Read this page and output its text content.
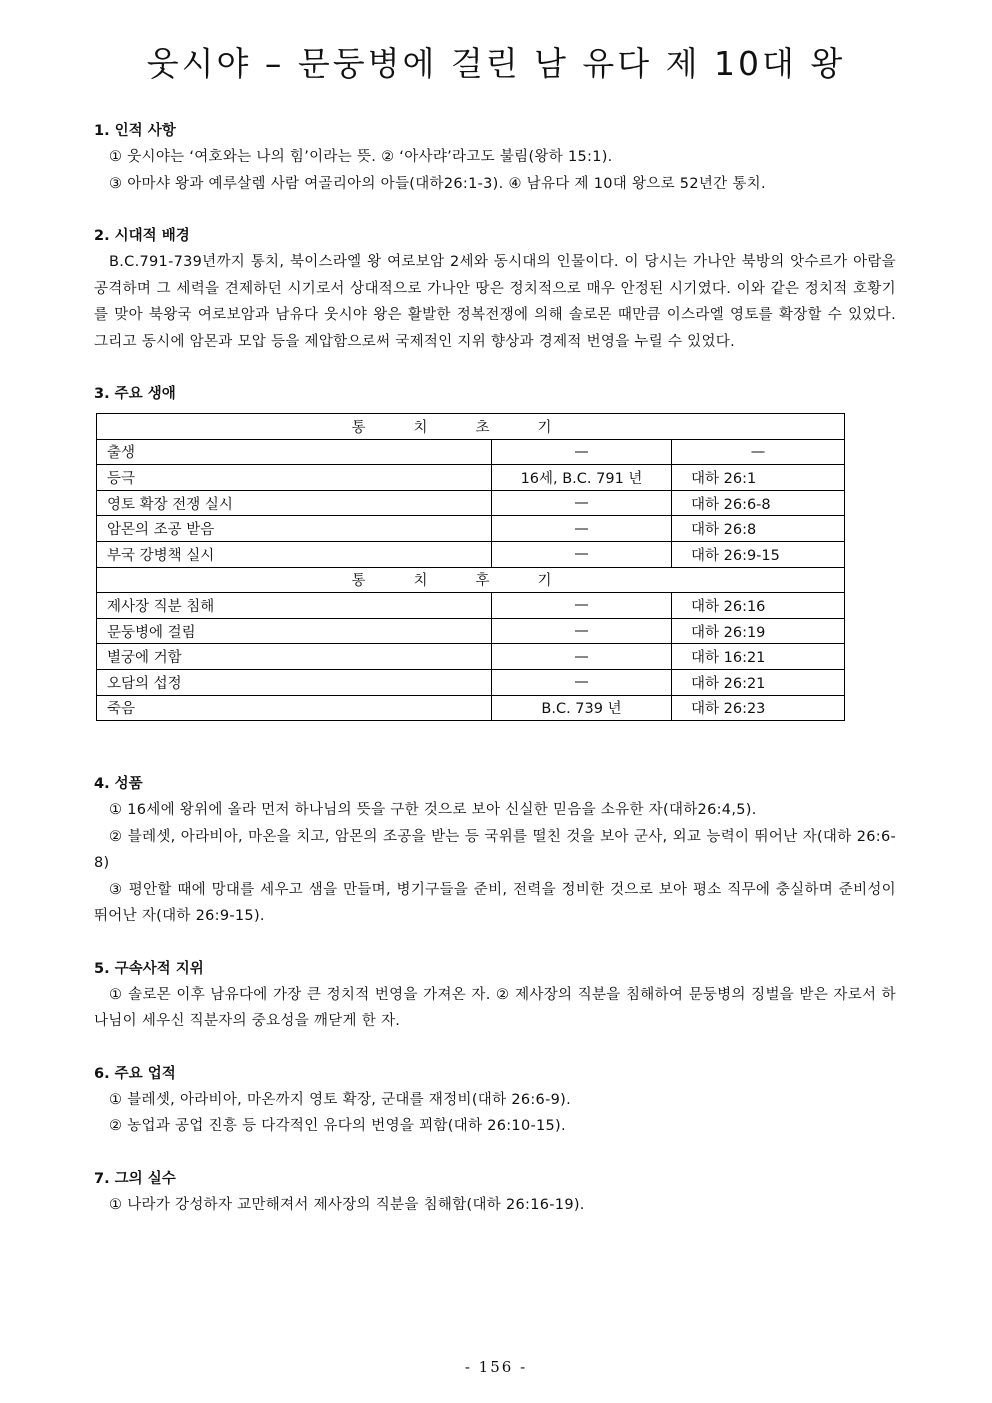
웃시야 – 문둥병에 걸린 남 유다 제 10대 왕

1. 인적 사항

① 웃시야는 ‘여호와는 나의 힘’이라는 뜻. ② ‘아사랴’라고도 불림(왕하 15:1).

③ 아마샤 왕과 예루살렘 사람 여골리아의 아들(대하26:1-3). ④ 남유다 제 10대 왕으로 52년간 통치.

2. 시대적 배경

B.C.791-739년까지 통치, 북이스라엘 왕 여로보암 2세와 동시대의 인물이다. 이 당시는 가나안 북방의 앗수르가 아람을 공격하며 그 세력을 견제하던 시기로서 상대적으로 가나안 땅은 정치적으로 매우 안정된 시기였다. 이와 같은 정치적 호황기를 맞아 북왕국 여로보암과 남유다 웃시야 왕은 활발한 정복전쟁에 의해 솔로몬 때만큼 이스라엘 영토를 확장할 수 있었다. 그리고 동시에 암몬과 모압 등을 제압함으로써 국제적인 지위 향상과 경제적 번영을 누릴 수 있었다.

3. 주요 생애

통치초기		
출생	—	—
등극	16세, B.C. 791 년	대하 26:1
영토 확장 전쟁 실시	—	대하 26:6-8
암몬의 조공 받음	—	대하 26:8
부국 강병책 실시	—	대하 26:9-15
통치후기		
제사장 직분 침해	—	대하 26:16
문둥병에 걸림	—	대하 26:19
별궁에 거함	—	대하 16:21
오담의 섭정	—	대하 26:21
죽음	B.C. 739 년	대하 26:23

4. 성품

① 16세에 왕위에 올라 먼저 하나님의 뜻을 구한 것으로 보아 신실한 믿음을 소유한 자(대하26:4,5).

② 블레셋, 아라비아, 마온을 치고, 암몬의 조공을 받는 등 국위를 떨친 것을 보아 군사, 외교 능력이 뛰어난 자(대하 26:6-8)

③ 평안할 때에 망대를 세우고 샘을 만들며, 병기구들을 준비, 전력을 정비한 것으로 보아 평소 직무에 충실하며 준비성이 뛰어난 자(대하 26:9-15).

5. 구속사적 지위

① 솔로몬 이후 남유다에 가장 큰 정치적 번영을 가져온 자. ② 제사장의 직분을 침해하여 문둥병의 징벌을 받은 자로서 하나님이 세우신 직분자의 중요성을 깨닫게 한 자.

6. 주요 업적

① 블레셋, 아라비아, 마온까지 영토 확장, 군대를 재정비(대하 26:6-9).

② 농업과 공업 진흥 등 다각적인 유다의 번영을 꾀함(대하 26:10-15).

7. 그의 실수

① 나라가 강성하자 교만해져서 제사장의 직분을 침해함(대하 26:16-19).

- 156 -
